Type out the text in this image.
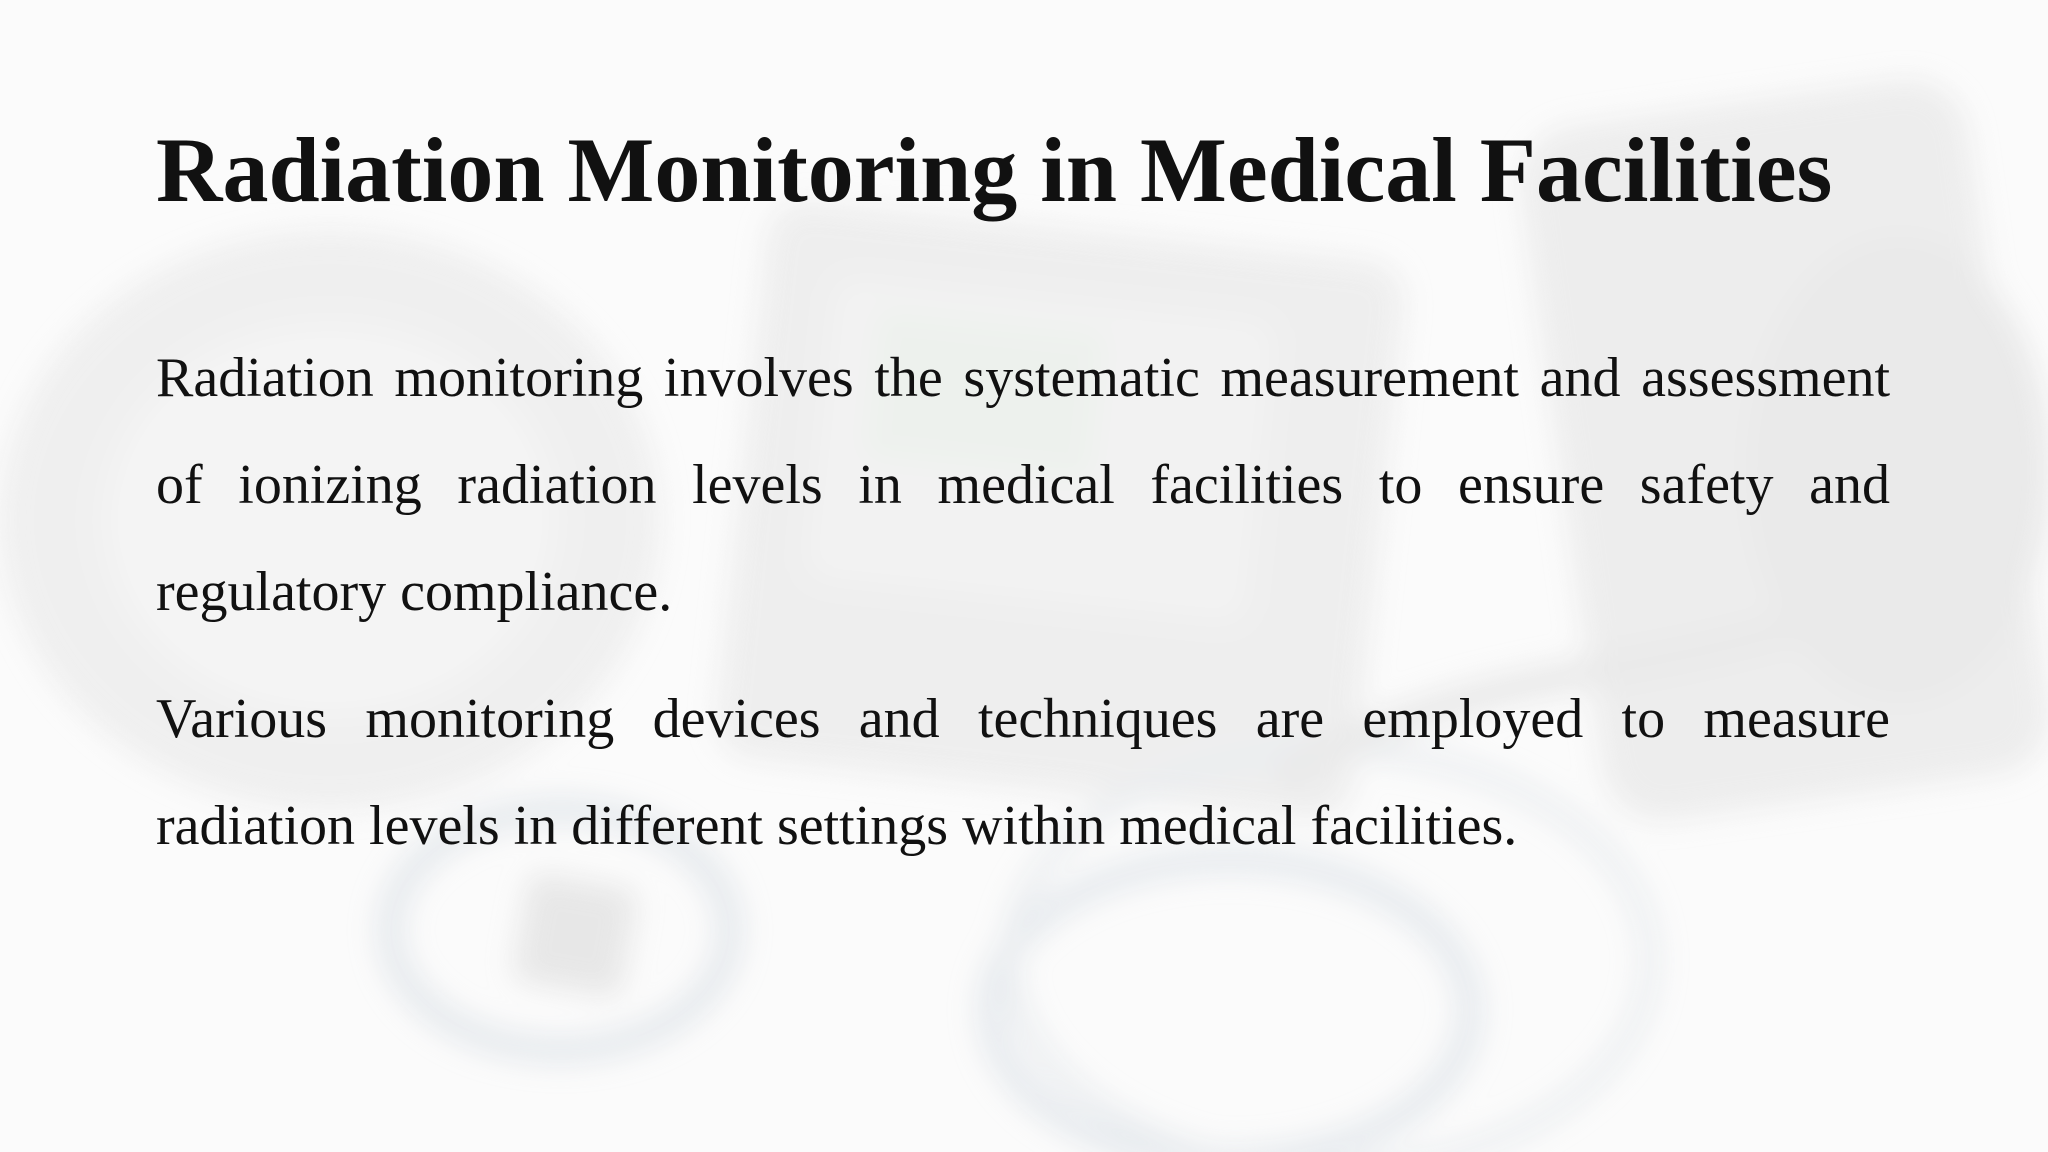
Radiation Monitoring in Medical Facilities

Radiation monitoring involves the systematic measurement and assessment of ionizing radiation levels in medical facilities to ensure safety and regulatory compliance.

Various monitoring devices and techniques are employed to measure radiation levels in different settings within medical facilities.
